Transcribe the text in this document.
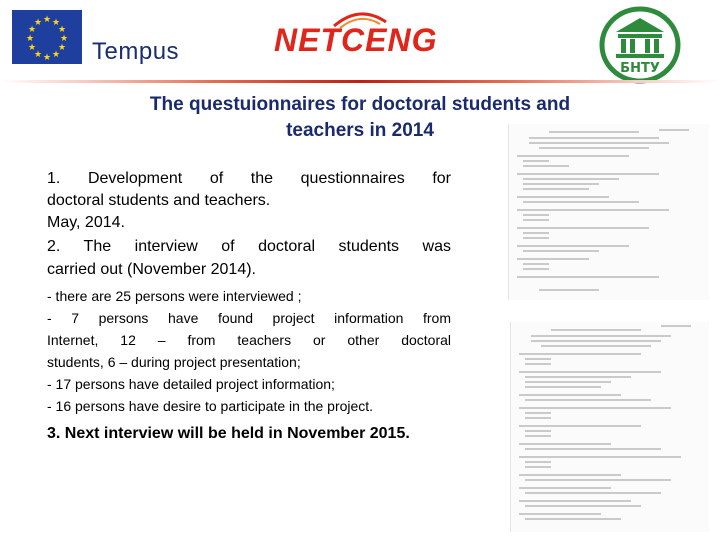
★ ★
★
★
★
★
★
★
★
★
★
★
Tempus	NETCENG
БНТУ
The questuionnaires for doctoral students and
teachers in 2014

1. Development of the questionnaires for
doctoral students and teachers.
May, 2014.

2. The interview of doctoral students was
carried out (November 2014).

- there are 25 persons were interviewed ;
- 7 persons have found project information from
Internet, 12 – from teachers or other doctoral
students, 6 – during project presentation;
- 17 persons have detailed project information;
- 16 persons have desire to participate in the project.

3. Next interview will be held in November 2015.
